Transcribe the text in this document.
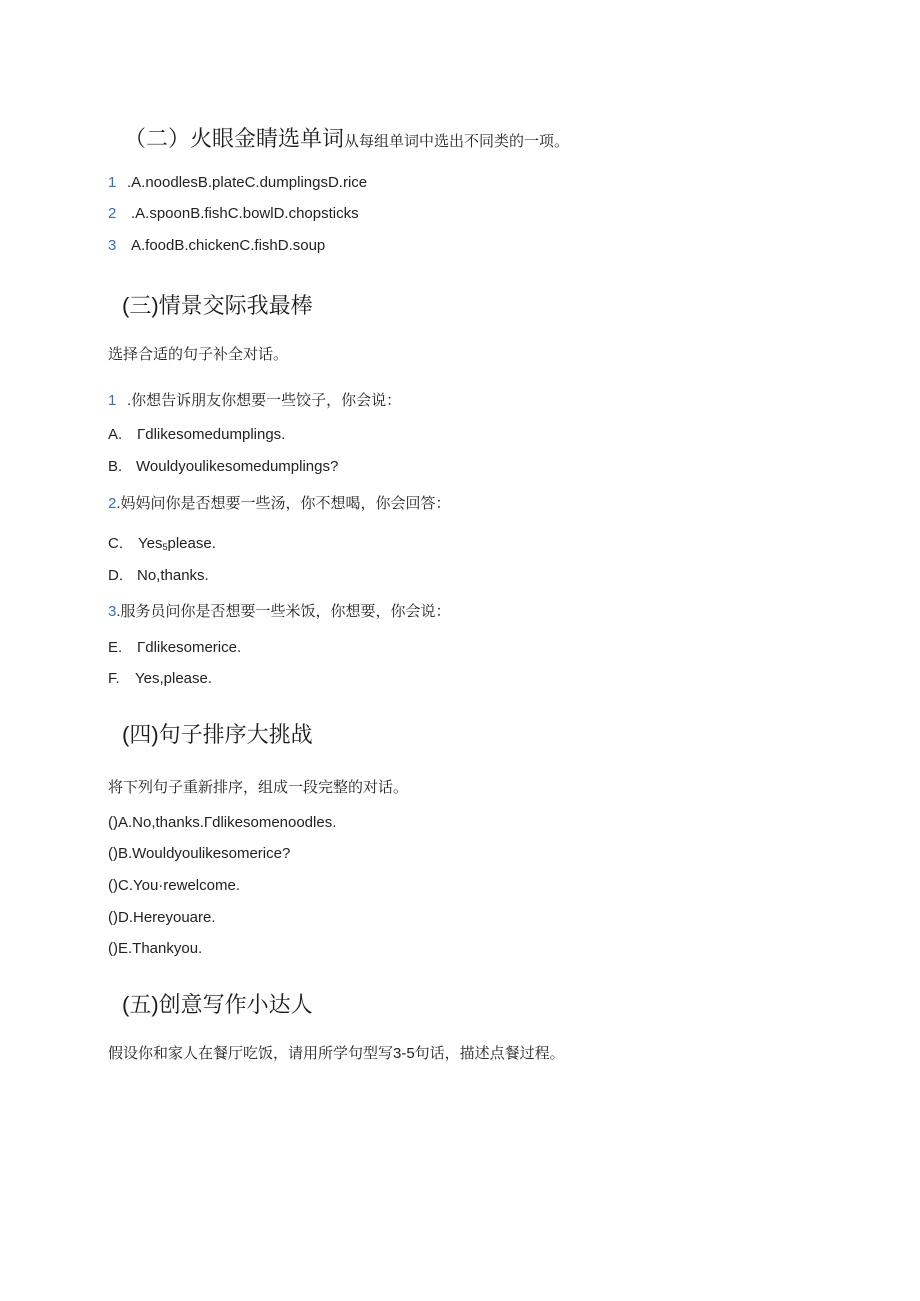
（二）火眼金睛选单词从每组单词中选出不同类的一项。
1 .A.noodlesB.plateC.dumplingsD.rice
2 .A.spoonB.fishC.bowlD.chopsticks
3 A.foodB.chickenC.fishD.soup
(三)情景交际我最棒
选择合适的句子补全对话。
1 .你想告诉朋友你想要一些饺子，你会说：
A. Γdlikesomedumplings.
B. Wouldyoulikesomedumplings?
2.妈妈问你是否想要一些汤，你不想喝，你会回答：
C. Yes$_5$please.
D. No,thanks.
3.服务员问你是否想要一些米饭，你想要，你会说：
E. Γdlikesomerice.
F. Yes,please.
(四)句子排序大挑战
将下列句子重新排序，组成一段完整的对话。
()A.No,thanks.Γdlikesomenoodles.
()B.Wouldyoulikesomerice?
()C.You·rewelcome.
()D.Hereyouare.
()E.Thankyou.
(五)创意写作小达人
假设你和家人在餐厅吃饭，请用所学句型写3-5句话，描述点餐过程。
